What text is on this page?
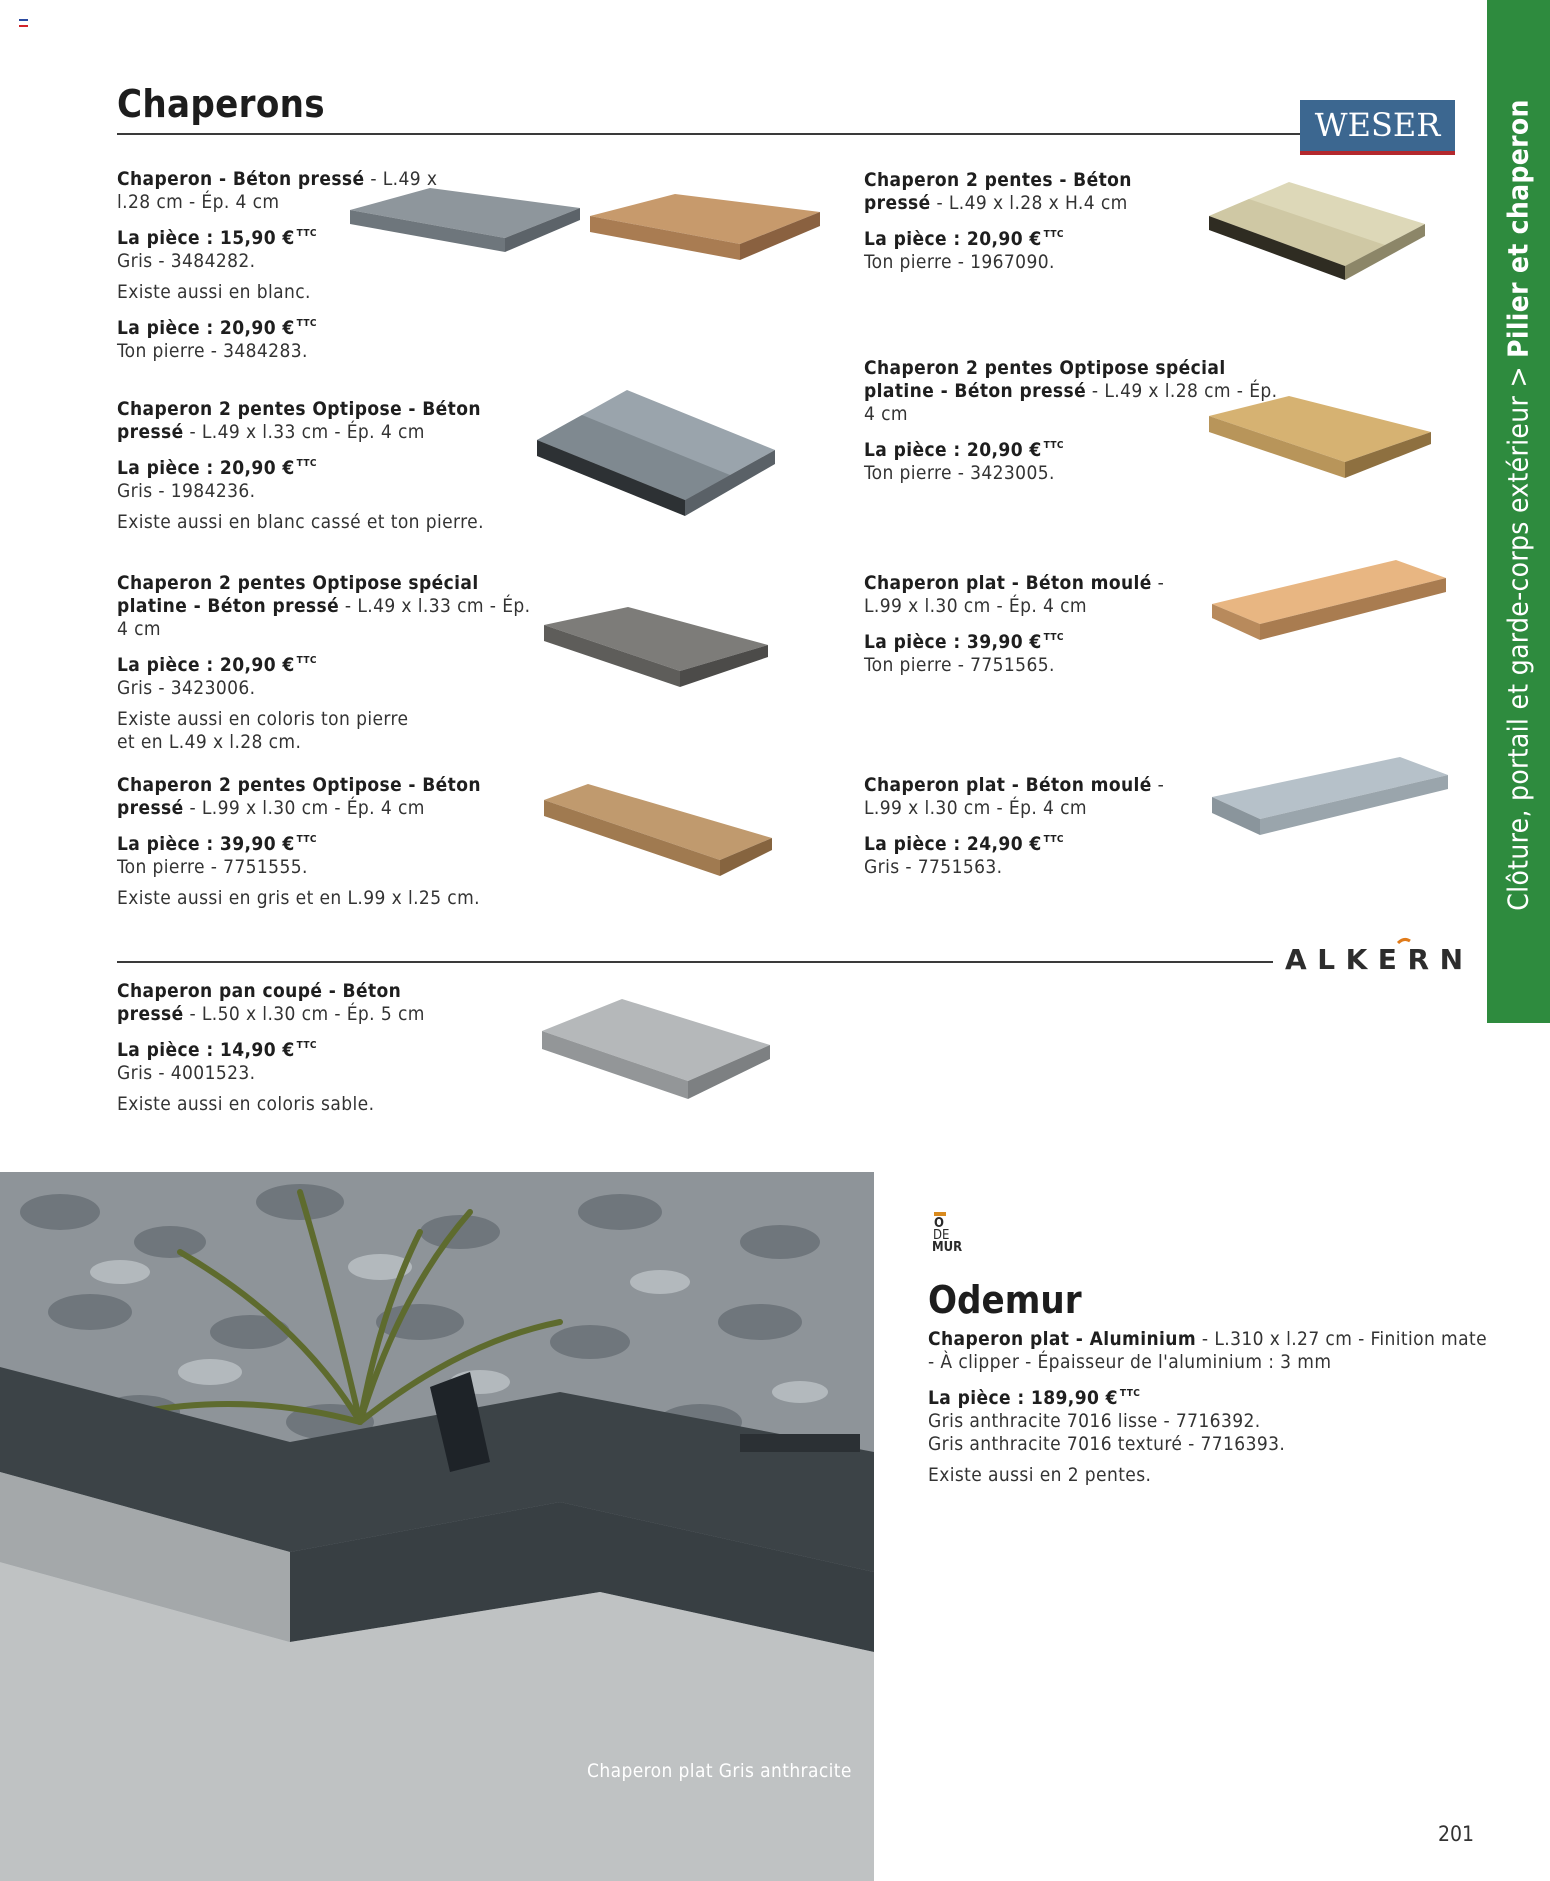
Chaperons	WESER
Clôture, portail et garde-corps extérieur > Pilier et chaperon

Chaperon - Béton pressé - L.49 x l.28 cm - Ép. 4 cm

La pièce : 15,90 € $^{TTC}$

Gris - 3484282.

Existe aussi en blanc.

La pièce : 20,90 € $^{TTC}$

Ton pierre - 3484283.

Chaperon 2 pentes Optipose - Béton pressé - L.49 x l.33 cm - Ép. 4 cm

La pièce : 20,90 € $^{TTC}$

Gris - 1984236.

Existe aussi en blanc cassé et ton pierre.

Chaperon 2 pentes Optipose spécial platine - Béton pressé - L.49 x l.33 cm - Ép. 4 cm

La pièce : 20,90 € $^{TTC}$

Gris - 3423006.

Existe aussi en coloris ton pierre et en L.49 x l.28 cm.

Chaperon 2 pentes Optipose - Béton pressé - L.99 x l.30 cm - Ép. 4 cm

La pièce : 39,90 € $^{TTC}$

Ton pierre - 7751555.

Existe aussi en gris et en L.99 x l.25 cm.

Chaperon 2 pentes - Béton pressé - L.49 x l.28 x H.4 cm

La pièce : 20,90 € $^{TTC}$

Ton pierre - 1967090.

Chaperon 2 pentes Optipose spécial platine - Béton pressé - L.49 x l.28 cm - Ép. 4 cm

La pièce : 20,90 € $^{TTC}$

Ton pierre - 3423005.

Chaperon plat - Béton moulé - L.99 x l.30 cm - Ép. 4 cm

La pièce : 39,90 € $^{TTC}$

Ton pierre - 7751565.

Chaperon plat - Béton moulé - L.99 x l.30 cm - Ép. 4 cm

La pièce : 24,90 € $^{TTC}$

Gris - 7751563.

ALKERN

Chaperon pan coupé - Béton pressé - L.50 x l.30 cm - Ép. 5 cm

La pièce : 14,90 € $^{TTC}$

Gris - 4001523.

Existe aussi en coloris sable.

Chaperon plat Gris anthracite
O
DE
MUR
Odemur

Chaperon plat - Aluminium - L.310 x l.27 cm - Finition mate - À clipper - Épaisseur de l'aluminium : 3 mm

La pièce : 189,90 € $^{TTC}$

Gris anthracite 7016 lisse - 7716392.

Gris anthracite 7016 texturé - 7716393.

Existe aussi en 2 pentes.

201
